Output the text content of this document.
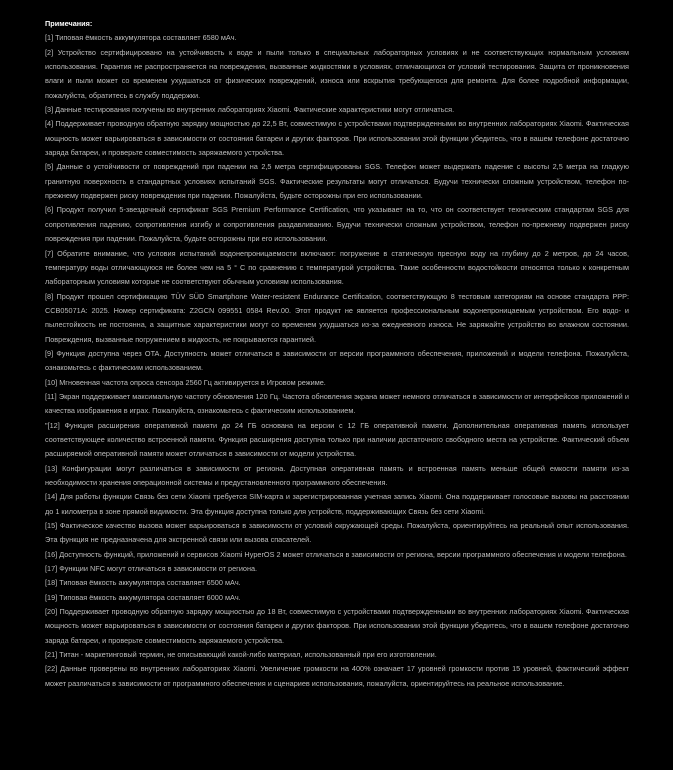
Примечания:

[1] Типовая ёмкость аккумулятора составляет 6580 мАч.

[2] Устройство сертифицировано на устойчивость к воде и пыли только в специальных лабораторных условиях и не соответствующих нормальным условиям использования. Гарантия не распространяется на повреждения, вызванные жидкостями в условиях, отличающихся от условий тестирования. Защита от проникновения влаги и пыли может со временем ухудшаться от физических повреждений, износа или вскрытия требующегося для ремонта. Для более подробной информации, пожалуйста, обратитесь в службу поддержки.

[3] Данные тестирования получены во внутренних лабораториях Xiaomi. Фактические характеристики могут отличаться.

[4] Поддерживает проводную обратную зарядку мощностью до 22,5 Вт, совместимую с устройствами подтвержденными во внутренних лабораториях Xiaomi. Фактическая мощность может варьироваться в зависимости от состояния батареи и других факторов. При использовании этой функции убедитесь, что в вашем телефоне достаточно заряда батареи, и проверьте совместимость заряжаемого устройства.

[5] Данные о устойчивости от повреждений при падении на 2,5 метра сертифицированы SGS. Телефон может выдержать падение с высоты 2,5 метра на гладкую гранитную поверхность в стандартных условиях испытаний SGS. Фактические результаты могут отличаться. Будучи технически сложным устройством, телефон по-прежнему подвержен риску повреждения при падении. Пожалуйста, будьте осторожны при его использовании.

[6] Продукт получил 5-звездочный сертификат SGS Premium Performance Certification, что указывает на то, что он соответствует техническим стандартам SGS для сопротивления падению, сопротивления изгибу и сопротивления раздавливанию. Будучи технически сложным устройством, телефон по-прежнему подвержен риску повреждения при падении. Пожалуйста, будьте осторожны при его использовании.

[7] Обратите внимание, что условия испытаний водонепроницаемости включают: погружение в статическую пресную воду на глубину до 2 метров, до 24 часов, температуру воды отличающуюся не более чем на 5 ° C по сравнению с температурой устройства. Такие особенности водостойкости относятся только к конкретным лабораторным условиям которые не соответствуют обычным условиям использования.

[8] Продукт прошел сертификацию TÜV SÜD Smartphone Water-resistent Endurance Certification, соответствующую 8 тестовым категориям на основе стандарта PPP: CCB05071A: 2025. Номер сертификата: Z2GCN 099551 0584 Rev.00. Этот продукт не является профессиональным водонепроницаемым устройством. Его водо- и пылестойкость не постоянна, а защитные характеристики могут со временем ухудшаться из-за ежедневного износа. Не заряжайте устройство во влажном состоянии. Повреждения, вызванные погружением в жидкость, не покрываются гарантией.

[9] Функция доступна через OTA. Доступность может отличаться в зависимости от версии программного обеспечения, приложений и модели телефона. Пожалуйста, ознакомьтесь с фактическим использованием.

[10] Мгновенная частота опроса сенсора 2560 Гц активируется в Игровом режиме.

[11] Экран поддерживает максимальную частоту обновления 120 Гц. Частота обновления экрана может немного отличаться в зависимости от интерфейсов приложений и качества изображения в играх. Пожалуйста, ознакомьтесь с фактическим использованием.

"[12] Функция расширения оперативной памяти до 24 ГБ основана на версии с 12 ГБ оперативной памяти. Дополнительная оперативная память использует соответствующее количество встроенной памяти. Функция расширения доступна только при наличии достаточного свободного места на устройстве. Фактический объем расширяемой оперативной памяти может отличаться в зависимости от модели устройства.

[13] Конфигурации могут различаться в зависимости от региона. Доступная оперативная память и встроенная память меньше общей емкости памяти из-за необходимости хранения операционной системы и предустановленного программного обеспечения.

[14] Для работы функции Связь без сети Xiaomi требуется SIM-карта и зарегистрированная учетная запись Xiaomi. Она поддерживает голосовые вызовы на расстоянии до 1 километра в зоне прямой видимости. Эта функция доступна только для устройств, поддерживающих Связь без сети Xiaomi.

[15] Фактическое качество вызова может варьироваться в зависимости от условий окружающей среды. Пожалуйста, ориентируйтесь на реальный опыт использования. Эта функция не предназначена для экстренной связи или вызова спасателей.

[16] Доступность функций, приложений и сервисов Xiaomi HyperOS 2 может отличаться в зависимости от региона, версии программного обеспечения и модели телефона.

[17] Функции NFC могут отличаться в зависимости от региона.

[18] Типовая ёмкость аккумулятора составляет 6500 мАч.

[19] Типовая ёмкость аккумулятора составляет 6000 мАч.

[20] Поддерживает проводную обратную зарядку мощностью до 18 Вт, совместимую с устройствами подтвержденными во внутренних лабораториях Xiaomi. Фактическая мощность может варьироваться в зависимости от состояния батареи и других факторов. При использовании этой функции убедитесь, что в вашем телефоне достаточно заряда батареи, и проверьте совместимость заряжаемого устройства.

[21] Титан - маркетинговый термин, не описывающий какой-либо материал, использованный при его изготовлении.

[22] Данные проверены во внутренних лабораториях Xiaomi. Увеличение громкости на 400% означает 17 уровней громкости против 15 уровней, фактический эффект может различаться в зависимости от программного обеспечения и сценариев использования, пожалуйста, ориентируйтесь на реальное использование.
